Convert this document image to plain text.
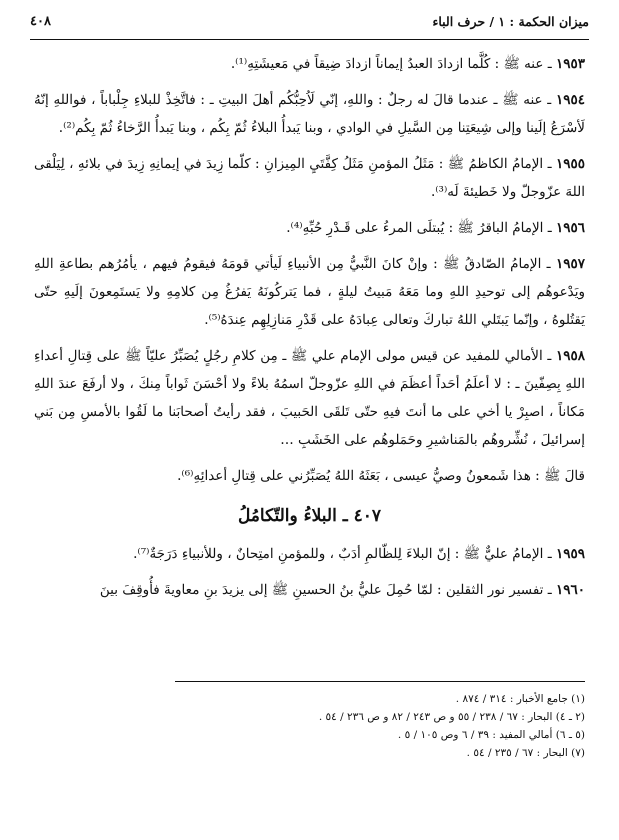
ميزان الحكمة : ١ / حرف الباء
٤٠٨

١٩٥٣ ـ عنه ﷺ : كُلَّما ازدادَ العبدُ إيماناً ازدادَ ضِيقاً في مَعيشَتِهِ⁽¹⁾.

١٩٥٤ ـ عنه ﷺ ـ عندما قالَ له رجلٌ : واللهِ، إنّي لَاُحِبُّكُم أهلَ البيتِ ـ : فاتَّخِذْ للبلاءِ جِلْباباً ، فواللهِ إنّهُ لَأسْرَعُ إلَينا وإلى شِيعَتِنا مِن السَّيلِ في الوادي ، وبنا يَبدأُ البلاءُ ثُمّ بِكُم ، وبنا يَبدأُ الرَّخاءُ ثُمّ بِكُم⁽²⁾.

١٩٥٥ ـ الإمامُ الكاظمُ ﷺ : مَثَلُ المؤمنِ مَثَلُ كِفَّتَيِ المِيزانِ : كلّما زِيدَ في إيمانِهِ زِيدَ في بلائهِ ، لِيَلْقى اللهَ عزّوجلّ ولا خَطيئةَ لَه⁽³⁾.

١٩٥٦ ـ الإمامُ الباقرُ ﷺ : يُبتلَى المرءُ على قَـدْرِ حُبِّهِ⁽⁴⁾.

١٩٥٧ ـ الإمامُ الصّادقُ ﷺ : وإنْ كانَ النَّبيُّ مِن الأنبياءِ لَيأتي قومَهُ فيقومُ فيهم ، يأمُرُهم بطاعةِ اللهِ ويَدْعوهُم إلى توحيدِ اللهِ وما مَعَهُ مَبيتُ ليلةٍ ، فما يَتركُونَهُ يَفرُغُ مِن كلامِهِ ولا يَستَمِعونَ إلَيهِ حتّى يَقتُلوهُ ، وإنّما يَبتَلي اللهُ تباركَ وتعالى عِبادَهُ على قَدْرِ مَنازِلِهِم عِندَهُ⁽⁵⁾.

١٩٥٨ ـ الأمالي للمفيد عن قيس مولى الإمام علي ﷺ ـ مِن كلامِ رجُلٍ يُصَبِّرُ عليّاً ﷺ على قِتالِ أعداءِ اللهِ بِصِفّينَ ـ : لا أعلَمُ أحَداً أعظَمَ في اللهِ عزّوجلّ اسمُهُ بلاءً ولا أحْسَنَ ثَواباً مِنكَ ، ولا أرفَعَ عندَ اللهِ مَكاناً ، اصبِرْ يا أخي على ما أنتَ فيهِ حتّى تَلقَى الحَبيبَ ، فقد رأيتُ أصحابَنا ما لَقُوا بالأمسِ مِن بَني إسرائيلَ ، نُشِّروهُم بالمَناشيرِ وحَمَلوهُم على الخَشَبِ …

قالَ ﷺ : هذا شَمعونُ وصيُّ عيسى ، بَعَثَهُ اللهُ يُصَبِّرُني على قِتالِ أعدائِهِ⁽⁶⁾.

٤٠٧ ـ البلاءُ والتّكامُلُ

١٩٥٩ ـ الإمامُ عليٌّ ﷺ : إنّ البلاءَ لِلظّالمِ أدَبٌ ، وللمؤمنِ امتِحانٌ ، وللأنبياءِ دَرَجَةٌ⁽⁷⁾.

١٩٦٠ ـ تفسير نور الثقلين : لمّا حُمِلَ عليُّ بنُ الحسينِ ﷺ إلى يزيدَ بنِ معاويةَ فأُوقِفَ بينَ

(١) جامع الأخبار : ٣١٤ / ٨٧٤ .

(٢ ـ ٤) البحار : ٦٧ / ٢٣٨ / ٥٥ و ص ٢٤٣ / ٨٢ و ص ٢٣٦ / ٥٤ .

(٥ ـ ٦) أمالي المفيد : ٣٩ / ٦ وص ١٠٥ / ٥ .

(٧) البحار : ٦٧ / ٢٣٥ / ٥٤ .
